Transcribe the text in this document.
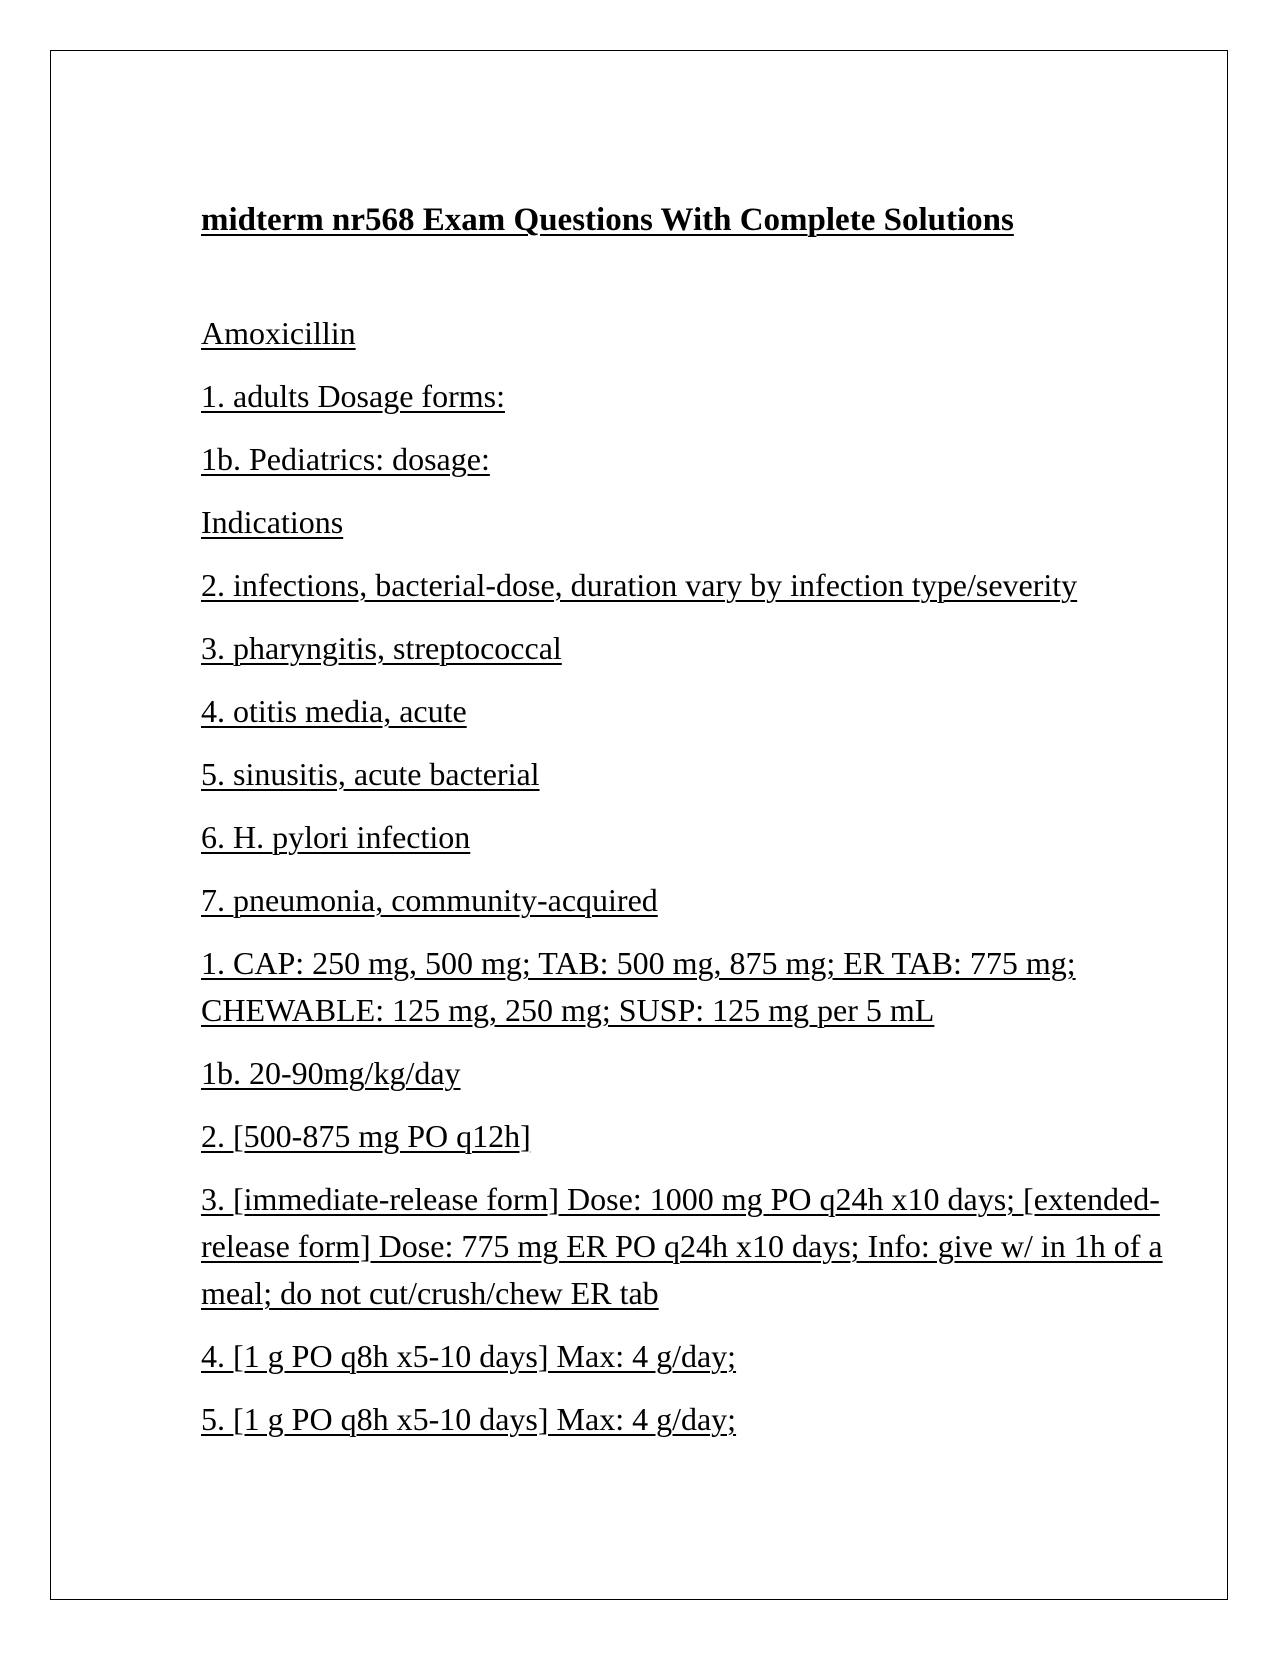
midterm nr568 Exam Questions With Complete Solutions
Amoxicillin
1. adults Dosage forms:
1b. Pediatrics: dosage:
Indications
2. infections, bacterial-dose, duration vary by infection type/severity
3. pharyngitis, streptococcal
4. otitis media, acute
5. sinusitis, acute bacterial
6. H. pylori infection
7. pneumonia, community-acquired
1. CAP: 250 mg, 500 mg; TAB: 500 mg, 875 mg; ER TAB: 775 mg; CHEWABLE: 125 mg, 250 mg; SUSP: 125 mg per 5 mL
1b. 20-90mg/kg/day
2. [500-875 mg PO q12h]
3. [immediate-release form] Dose: 1000 mg PO q24h x10 days; [extended-release form] Dose: 775 mg ER PO q24h x10 days; Info: give w/ in 1h of a meal; do not cut/crush/chew ER tab
4. [1 g PO q8h x5-10 days] Max: 4 g/day;
5. [1 g PO q8h x5-10 days] Max: 4 g/day;
